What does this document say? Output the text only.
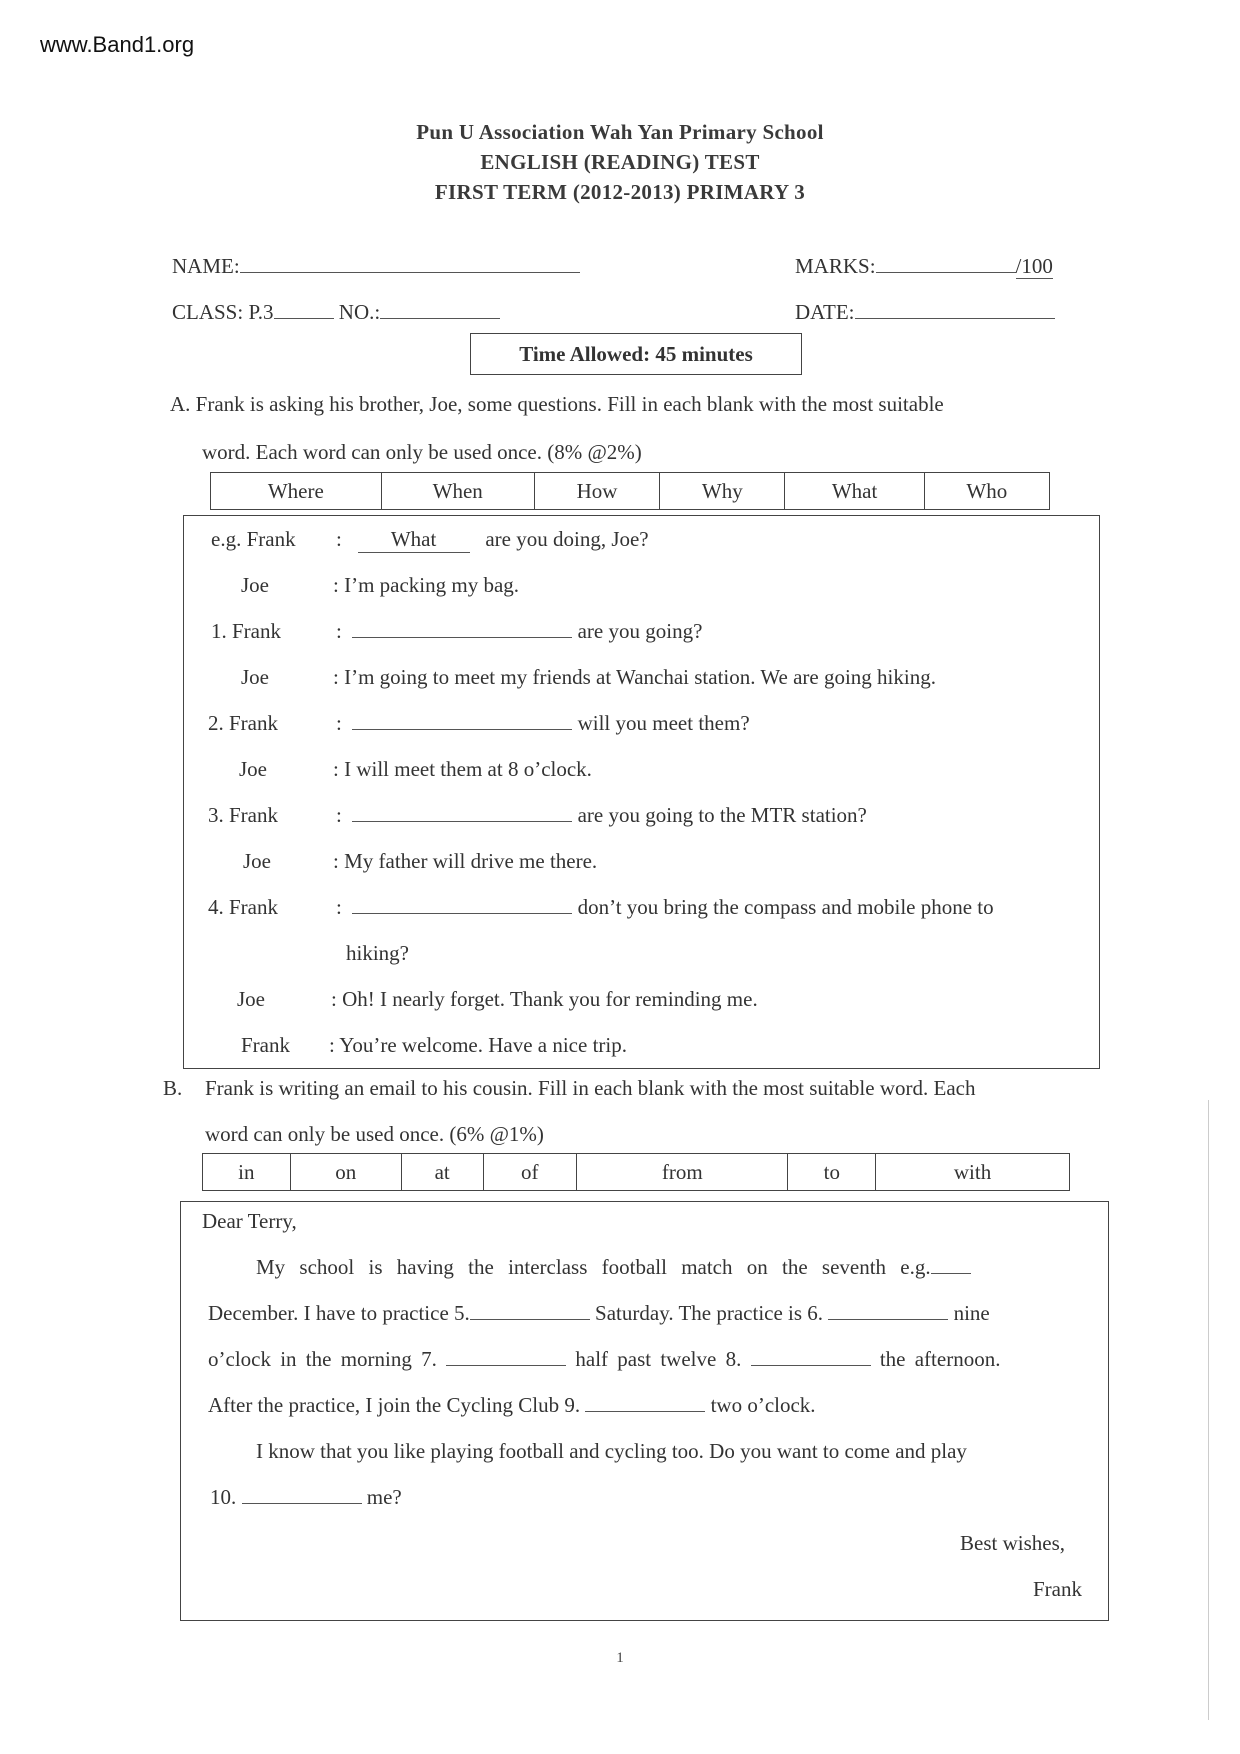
www.Band1.org
Pun U Association Wah Yan Primary School
ENGLISH (READING) TEST
FIRST TERM (2012-2013) PRIMARY 3
NAME:	MARKS:	/100
CLASS: P.3	NO.:	DATE:
Time Allowed: 45 minutes
A. Frank is asking his brother, Joe, some questions. Fill in each blank with the most suitable
word. Each word can only be used once. (8% @2%)
Where	When	How	Why	What	Who
e.g. Frank : What are you doing, Joe?
Joe	: I’m packing my bag.
1. Frank	:	are you going?
Joe	: I’m going to meet my friends at Wanchai station. We are going hiking.
2. Frank	:	will you meet them?
Joe	: I will meet them at 8 o’clock.
3. Frank	:	are you going to the MTR station?
Joe	: My father will drive me there.
4. Frank	:	don’t you bring the compass and mobile phone to
hiking?
Joe	: Oh! I nearly forget. Thank you for reminding me.
Frank : You’re welcome. Have a nice trip.
B. Frank is writing an email to his cousin. Fill in each blank with the most suitable word. Each
word can only be used once. (6% @1%)
in	on	at	of	from	to	with
Dear Terry,
My school is having the interclass football match on the seventh e.g.
December. I have to practice 5.	Saturday. The practice is 6.	nine
o’clock in the morning 7.	half past twelve 8.	the afternoon.
After the practice, I join the Cycling Club 9.	two o’clock.
I know that you like playing football and cycling too. Do you want to come and play
10.	me?
Best wishes,
Frank
1
